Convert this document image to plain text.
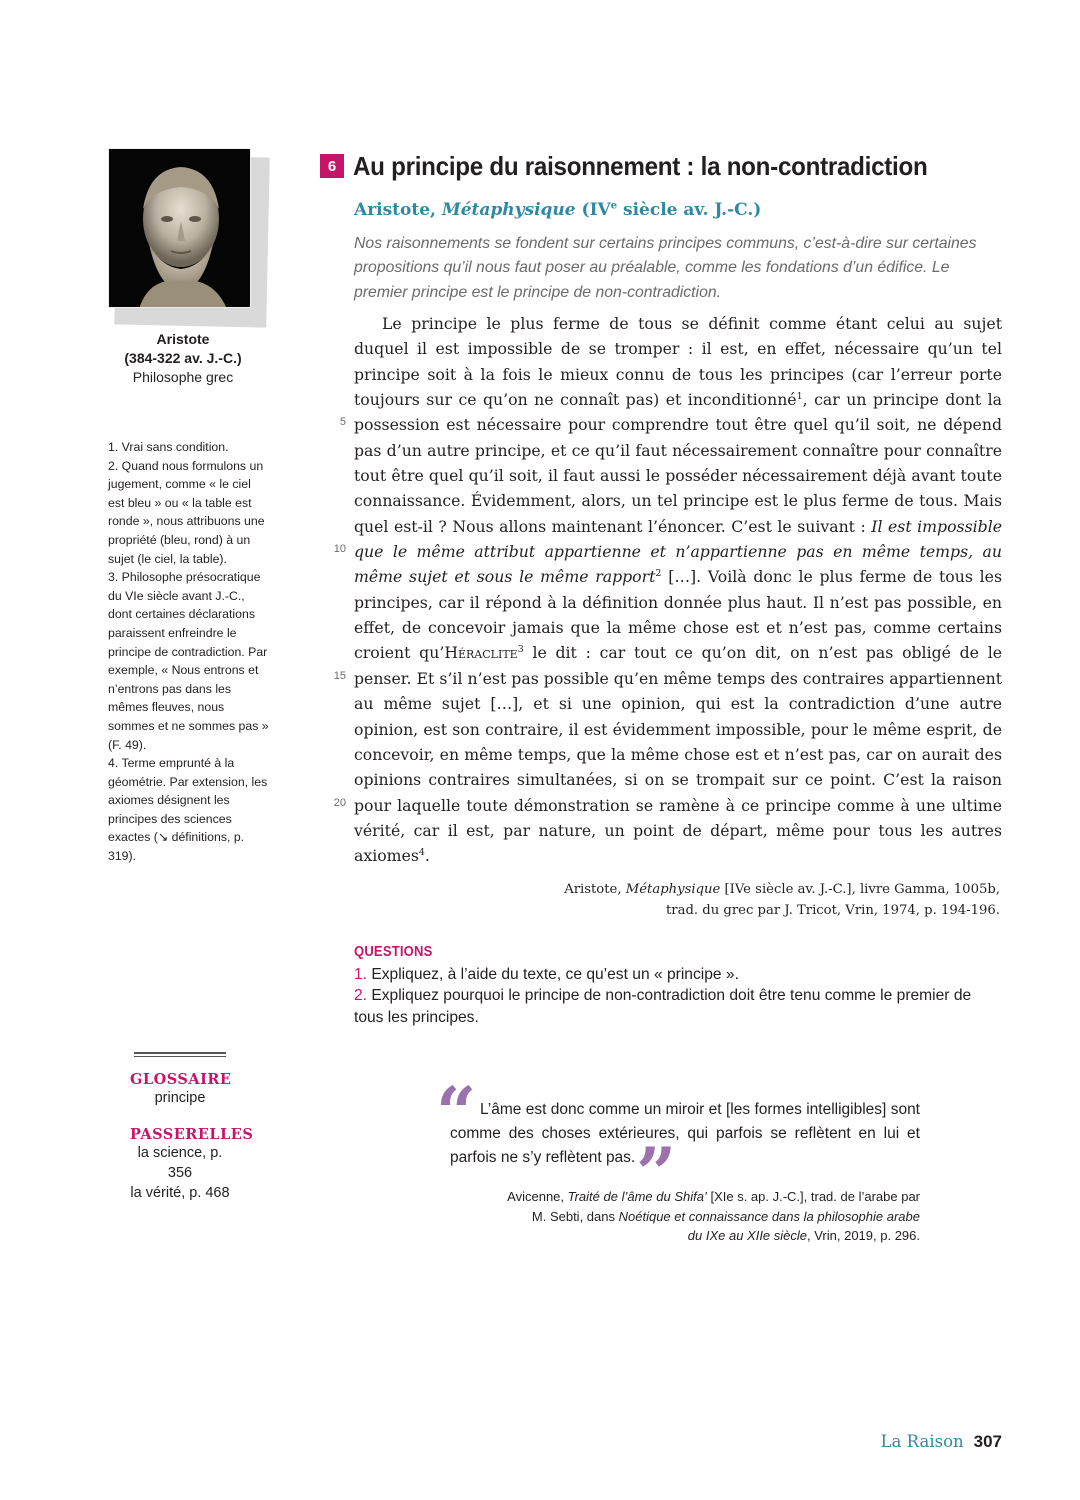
Aristote
(384-322 av. J.-C.)
Philosophe grec
1. Vrai sans condition.
2. Quand nous formulons un jugement, comme « le ciel est bleu » ou « la table est ronde », nous attribuons une propriété (bleu, rond) à un sujet (le ciel, la table).
3. Philosophe présocratique du VIe siècle avant J.-C., dont certaines déclarations paraissent enfreindre le principe de contradiction. Par exemple, « Nous entrons et n’entrons pas dans les mêmes fleuves, nous sommes et ne sommes pas » (F. 49).
4. Terme emprunté à la géométrie. Par extension, les axiomes désignent les principes des sciences exactes (↘ définitions, p. 319).
GLOSSAIRE
principe
PASSERELLES
la science, p. 356
la vérité, p. 468
6 Au principe du raisonnement : la non-contradiction
Aristote, Métaphysique (IVe siècle av. J.-C.)
Nos raisonnements se fondent sur certains principes communs, c’est-à-dire sur certaines propositions qu’il nous faut poser au préalable, comme les fondations d’un édifice. Le premier principe est le principe de non-contradiction.

Le principe le plus ferme de tous se définit comme étant celui au sujet duquel il est impossible de se tromper : il est, en effet, nécessaire qu’un tel principe soit à la fois le mieux connu de tous les principes (car l’erreur porte toujours sur ce qu’on ne connaît pas) et inconditionné$^1$, car un principe dont la possession est nécessaire pour comprendre tout être quel qu’il soit, ne dépend pas d’un autre principe, et ce qu’il faut nécessairement connaître pour connaître tout être quel qu’il soit, il faut aussi le posséder nécessairement déjà avant toute connaissance. Évidemment, alors, un tel principe est le plus ferme de tous. Mais quel est-il ? Nous allons maintenant l’énoncer. C’est le suivant : Il est impossible que le même attribut appartienne et n’appartienne pas en même temps, au même sujet et sous le même rapport$^2$ […]. Voilà donc le plus ferme de tous les principes, car il répond à la définition donnée plus haut. Il n’est pas possible, en effet, de concevoir jamais que la même chose est et n’est pas, comme certains croient qu’Héraclite$^3$ le dit : car tout ce qu’on dit, on n’est pas obligé de le penser. Et s’il n’est pas possible qu’en même temps des contraires appartiennent au même sujet […], et si une opinion, qui est la contradiction d’une autre opinion, est son contraire, il est évidemment impossible, pour le même esprit, de concevoir, en même temps, que la même chose est et n’est pas, car on aurait des opinions contraires simultanées, si on se trompait sur ce point. C’est la raison pour laquelle toute démonstration se ramène à ce principe comme à une ultime vérité, car il est, par nature, un point de départ, même pour tous les autres axiomes$^4$.

5
10
15
20
Aristote, Métaphysique [IVe siècle av. J.-C.], livre Gamma, 1005b,
trad. du grec par J. Tricot, Vrin, 1974, p. 194-196.
QUESTIONS
1. Expliquez, à l’aide du texte, ce qu’est un « principe ».
2. Expliquez pourquoi le principe de non-contradiction doit être tenu comme le premier de tous les principes.
“ L’âme est donc comme un miroir et [les formes intelligibles] sont comme des choses extérieures, qui parfois se reflètent en lui et parfois ne s’y reflètent pas. ”
Avicenne, Traité de l’âme du Shifa’ [XIe s. ap. J.-C.], trad. de l’arabe par
M. Sebti, dans Noétique et connaissance dans la philosophie arabe
du IXe au XIIe siècle, Vrin, 2019, p. 296.
La Raison 307
